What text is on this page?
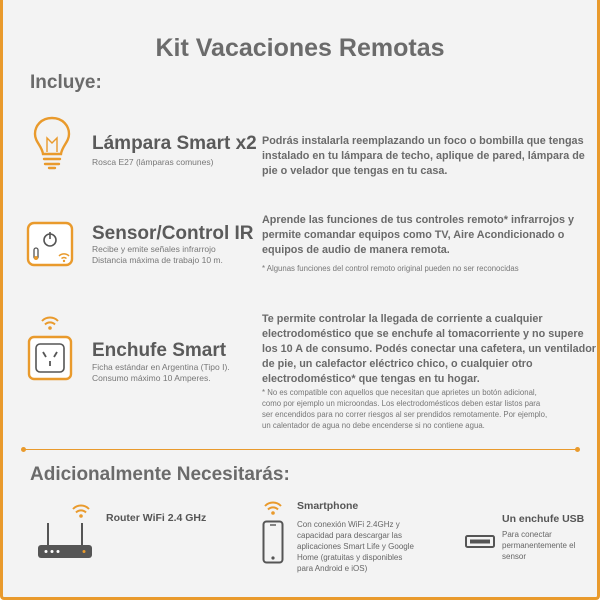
Kit Vacaciones Remotas
Incluye:
Lámpara Smart x2
Rosca E27 (lámparas comunes)
Podrás instalarla reemplazando un foco o bombilla que tengas
instalado en tu lámpara de techo, aplique de pared, lámpara de
pie o velador que tengas en tu casa.
Sensor/Control IR
Recibe y emite señales infrarrojo
Distancia máxima de trabajo 10 m.
Aprende las funciones de tus controles remoto* infrarrojos y
permite comandar equipos como TV, Aire Acondicionado o
equipos de audio de manera remota.
* Algunas funciones del control remoto original pueden no ser reconocidas
Enchufe Smart
Ficha estándar en Argentina (Tipo I).
Consumo máximo 10 Amperes.
Te permite controlar la llegada de corriente a cualquier
electrodoméstico que se enchufe al tomacorriente y no supere
los 10 A de consumo. Podés conectar una cafetera, un ventilador
de pie, un calefactor eléctrico chico, o cualquier otro
electrodoméstico* que tengas en tu hogar.
* No es compatible con aquellos que necesitan que aprietes un botón adicional,
como por ejemplo un microondas. Los electrodomésticos deben estar listos para
ser encendidos para no correr riesgos al ser prendidos remotamente. Por ejemplo,
un calentador de agua no debe encenderse si no contiene agua.
Adicionalmente Necesitarás:
Router WiFi 2.4 GHz
Smartphone
Con conexión WiFi 2.4GHz y
capacidad para descargar las
aplicaciones Smart Life y Google
Home (gratuitas y disponibles
para Android e iOS)
Un enchufe USB
Para conectar
permanentemente el
sensor
